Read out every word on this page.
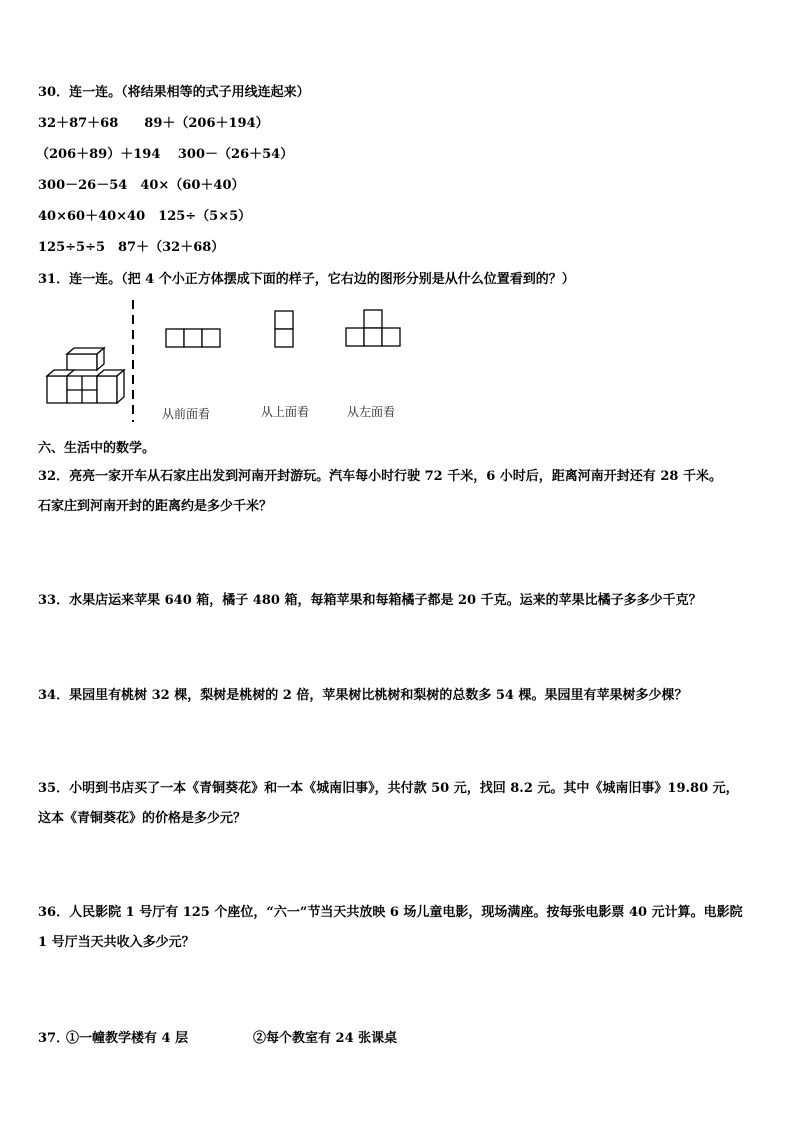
30．连一连。（将结果相等的式子用线连起来）
32＋87＋68　　89＋（206＋194）
（206＋89）＋194　 300－（26＋54）
300－26－54　40×（60＋40）
40×60＋40×40　125÷（5×5）
125÷5÷5　87＋（32＋68）
31．连一连。（把 4 个小正方体摆成下面的样子，它右边的图形分别是从什么位置看到的？）
从前面看	从上面看	从左面看
六、生活中的数学。
32．亮亮一家开车从石家庄出发到河南开封游玩。汽车每小时行驶 72 千米，6 小时后，距离河南开封还有 28 千米。
石家庄到河南开封的距离约是多少千米？
33．水果店运来苹果 640 箱，橘子 480 箱，每箱苹果和每箱橘子都是 20 千克。运来的苹果比橘子多多少千克？
34．果园里有桃树 32 棵，梨树是桃树的 2 倍，苹果树比桃树和梨树的总数多 54 棵。果园里有苹果树多少棵？
35．小明到书店买了一本《青铜葵花》和一本《城南旧事》，共付款 50 元，找回 8.2 元。其中《城南旧事》19.80 元，
这本《青铜葵花》的价格是多少元？
36．人民影院 1 号厅有 125 个座位，“六一”节当天共放映 6 场儿童电影，现场满座。按每张电影票 40 元计算。电影院
1 号厅当天共收入多少元？
37．
①一幢教学楼有 4 层	②每个教室有 24 张课桌
